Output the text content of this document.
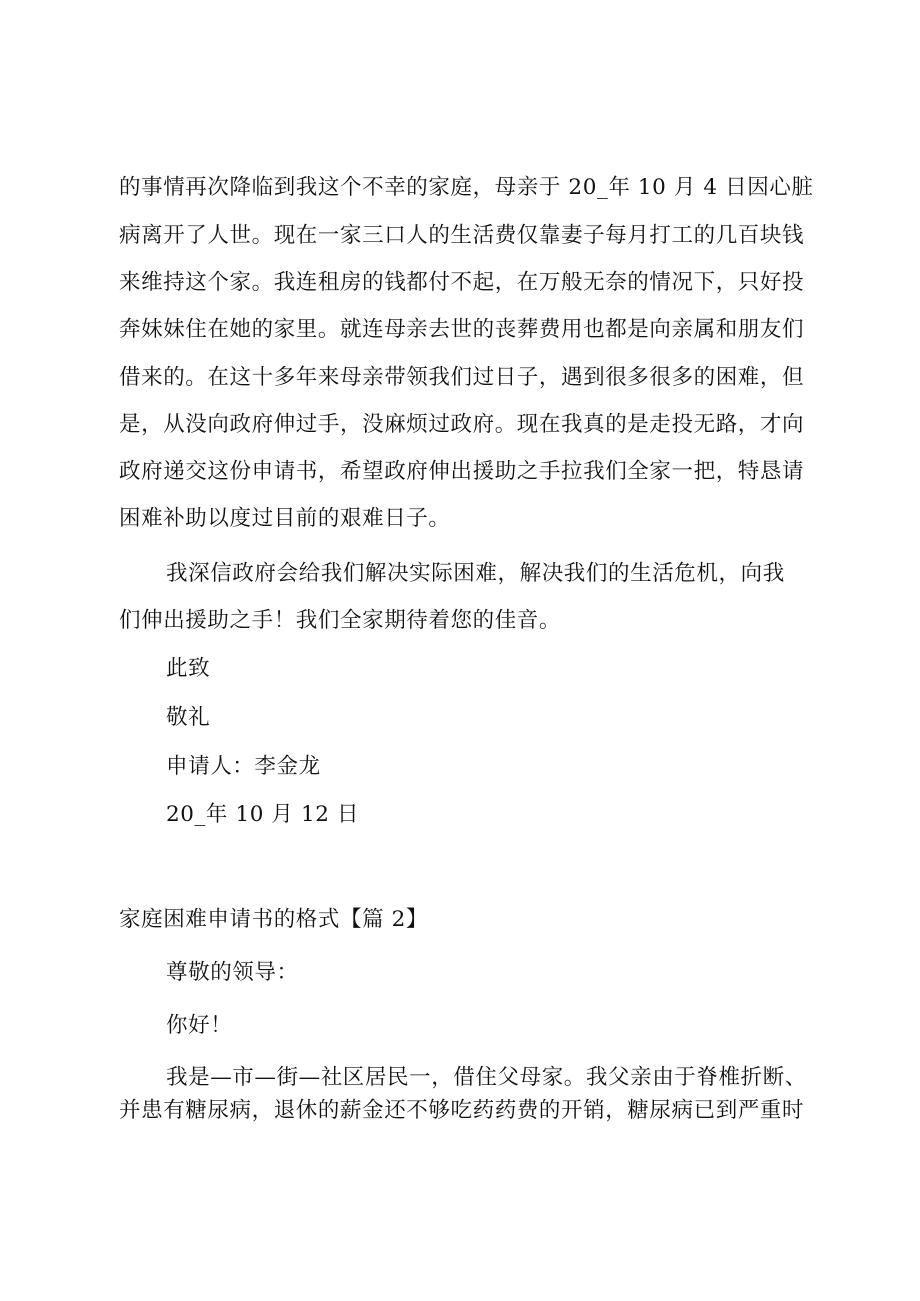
的事情再次降临到我这个不幸的家庭，母亲于 20_年 10 月 4 日因心脏
病离开了人世。现在一家三口人的生活费仅靠妻子每月打工的几百块钱
来维持这个家。我连租房的钱都付不起，在万般无奈的情况下，只好投
奔妹妹住在她的家里。就连母亲去世的丧葬费用也都是向亲属和朋友们
借来的。在这十多年来母亲带领我们过日子，遇到很多很多的困难，但
是，从没向政府伸过手，没麻烦过政府。现在我真的是走投无路，才向
政府递交这份申请书，希望政府伸出援助之手拉我们全家一把，特恳请
困难补助以度过目前的艰难日子。
我深信政府会给我们解决实际困难，解决我们的生活危机，向我
们伸出援助之手！我们全家期待着您的佳音。
此致
敬礼
申请人：李金龙
20_年 10 月 12 日
家庭困难申请书的格式【篇 2】
尊敬的领导：
你好！
我是—市—街—社区居民一，借住父母家。我父亲由于脊椎折断、
并患有糖尿病，退休的薪金还不够吃药药费的开销，糖尿病已到严重时
